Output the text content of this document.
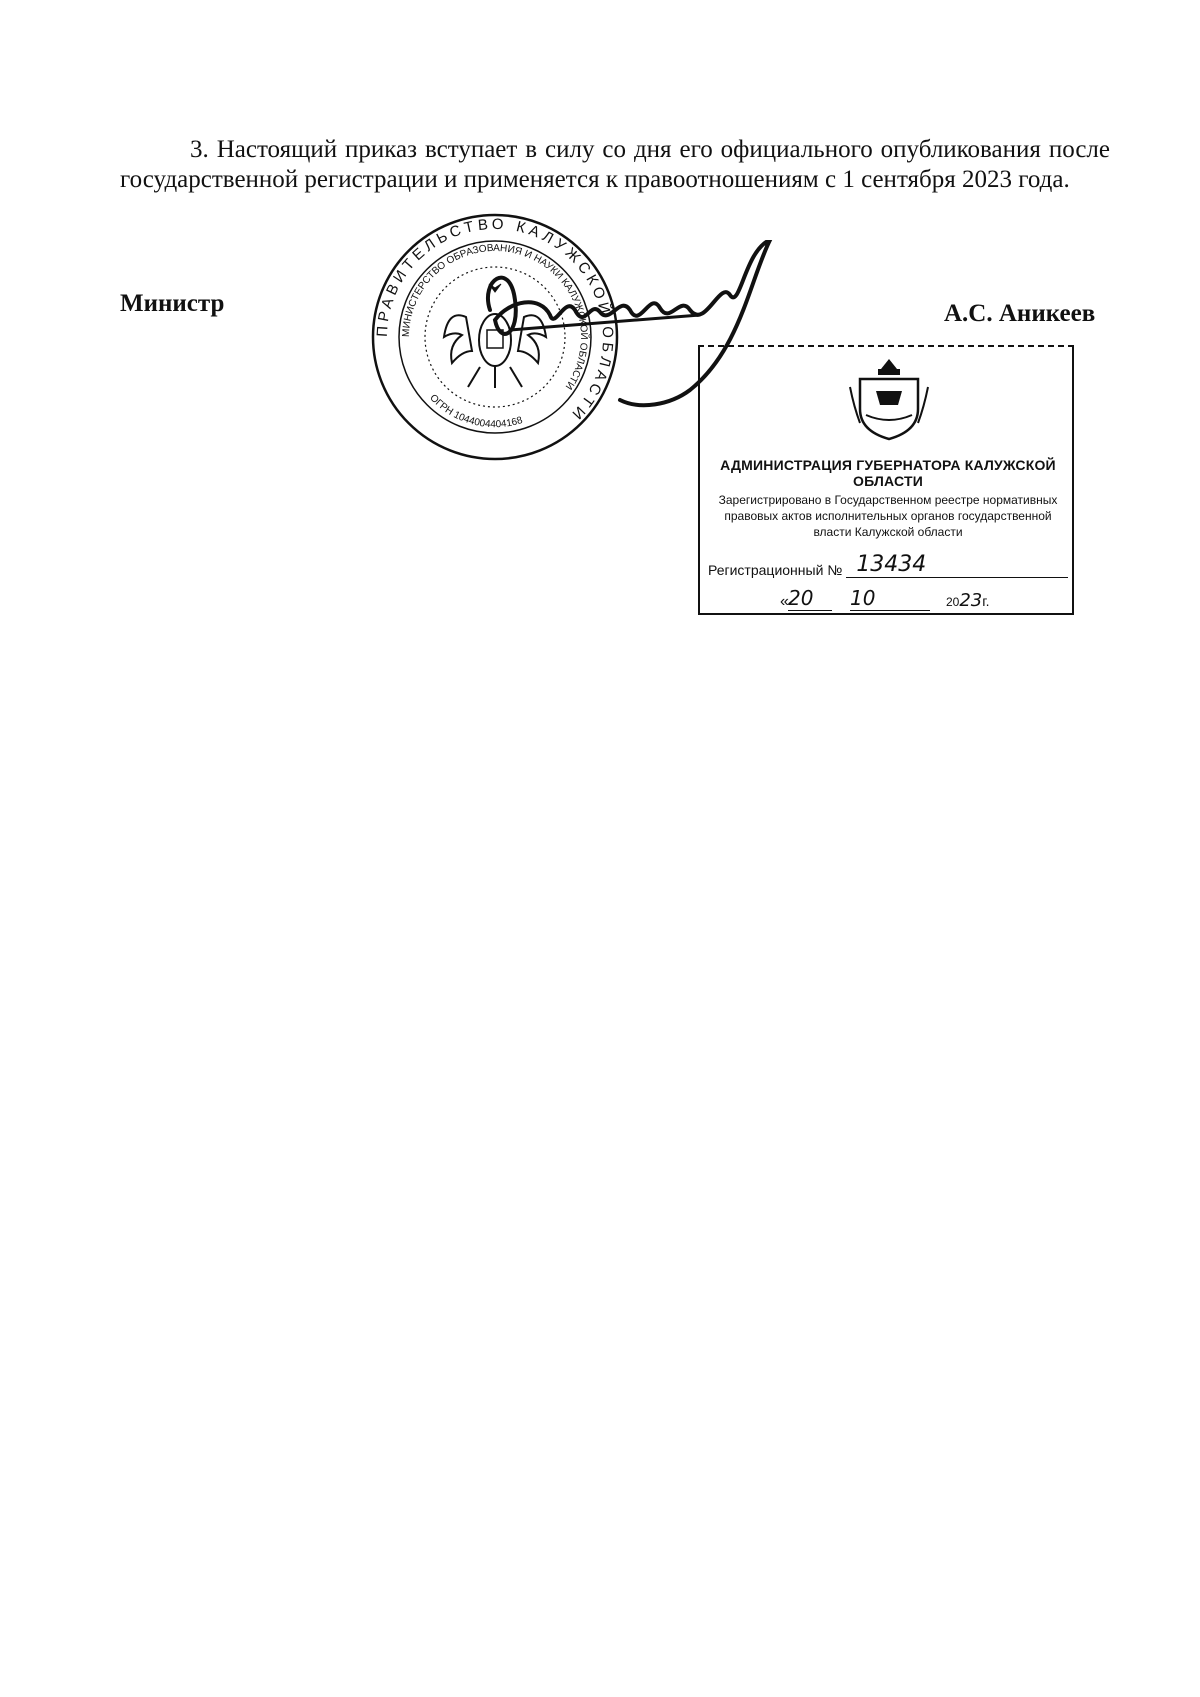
3. Настоящий приказ вступает в силу со дня его официального опубликования после государственной регистрации и применяется к правоотношениям с 1 сентября 2023 года.

Министр
ПРАВИТЕЛЬСТВО КАЛУЖСКОЙ ОБЛАСТИ
МИНИСТЕРСТВО ОБРАЗОВАНИЯ И НАУКИ КАЛУЖСКОЙ ОБЛАСТИ
ОГРН 1044004404168
А.С. Аникеев
АДМИНИСТРАЦИЯ ГУБЕРНАТОРА КАЛУЖСКОЙ ОБЛАСТИ
Зарегистрировано в Государственном реестре нормативных правовых актов исполнительных органов государственной власти Калужской области
Регистрационный № 13434
« 20	10	2023г.
